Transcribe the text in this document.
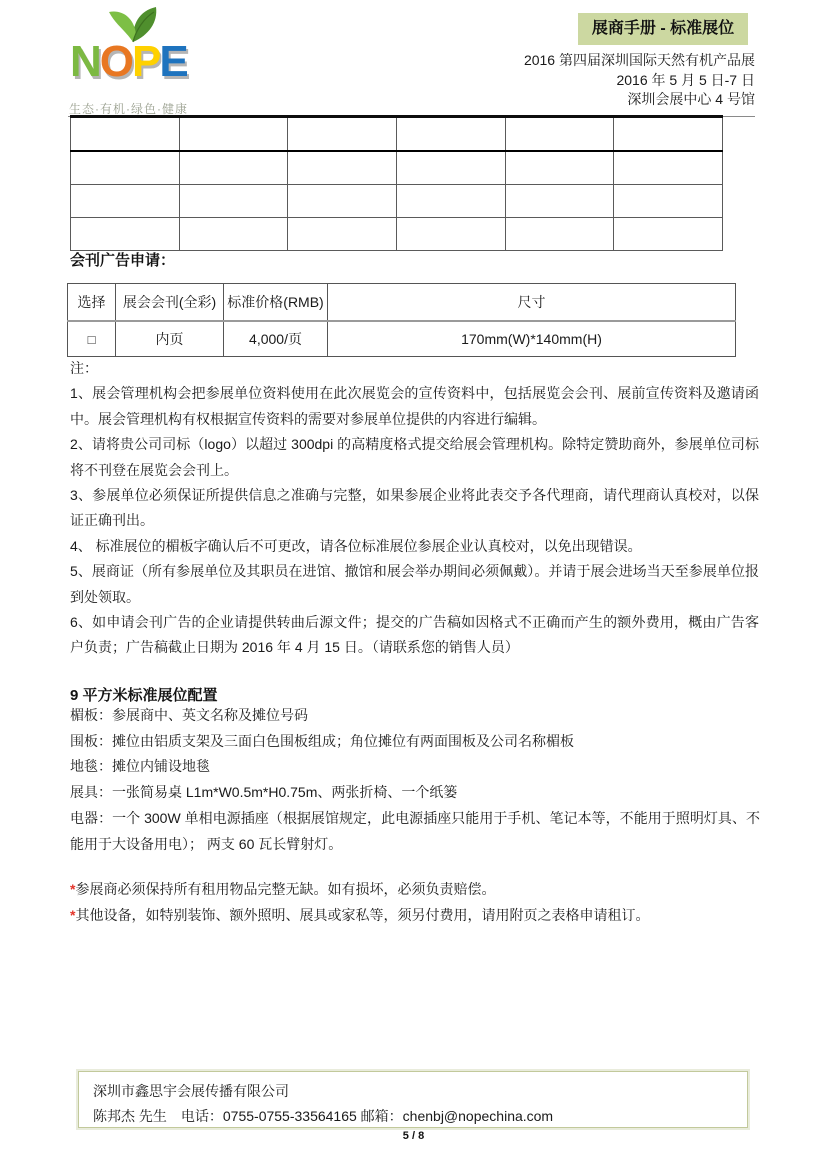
NOPE
生态·有机·绿色·健康
展商手册 - 标准展位
2016 第四届深圳国际天然有机产品展
2016 年 5 月 5 日-7 日
深圳会展中心 4 号馆

会刊广告申请：
选择	展会会刊(全彩)	标准价格(RMB)	尺寸
□	内页	4,000/页	170mm(W)*140mm(H)

注：

1、展会管理机构会把参展单位资料使用在此次展览会的宣传资料中，包括展览会会刊、展前宣传资料及邀请函中。展会管理机构有权根据宣传资料的需要对参展单位提供的内容进行编辑。

2、请将贵公司司标（logo）以超过 300dpi 的高精度格式提交给展会管理机构。除特定赞助商外，参展单位司标将不刊登在展览会会刊上。

3、参展单位必须保证所提供信息之准确与完整，如果参展企业将此表交予各代理商，请代理商认真校对，以保证正确刊出。

4、 标准展位的楣板字确认后不可更改，请各位标准展位参展企业认真校对，以免出现错误。

5、展商证（所有参展单位及其职员在进馆、撤馆和展会举办期间必须佩戴）。并请于展会进场当天至参展单位报到处领取。

6、如申请会刊广告的企业请提供转曲后源文件；提交的广告稿如因格式不正确而产生的额外费用，概由广告客户负责；广告稿截止日期为 2016 年 4 月 15 日。（请联系您的销售人员）

9 平方米标准展位配置

楣板：参展商中、英文名称及摊位号码

围板：摊位由铝质支架及三面白色围板组成；角位摊位有两面围板及公司名称楣板

地毯：摊位内铺设地毯

展具：一张简易桌 L1m*W0.5m*H0.75m、两张折椅、一个纸篓

电器：一个 300W 单相电源插座（根据展馆规定，此电源插座只能用于手机、笔记本等，不能用于照明灯具、不能用于大设备用电）； 两支 60 瓦长臂射灯。

*参展商必须保持所有租用物品完整无缺。如有损坏，必须负责赔偿。

*其他设备，如特别装饰、额外照明、展具或家私等，须另付费用，请用附页之表格申请租订。

深圳市鑫思宇会展传播有限公司
陈邦杰 先生　电话：0755-0755-33564165 邮箱：chenbj@nopechina.com
5 / 8
